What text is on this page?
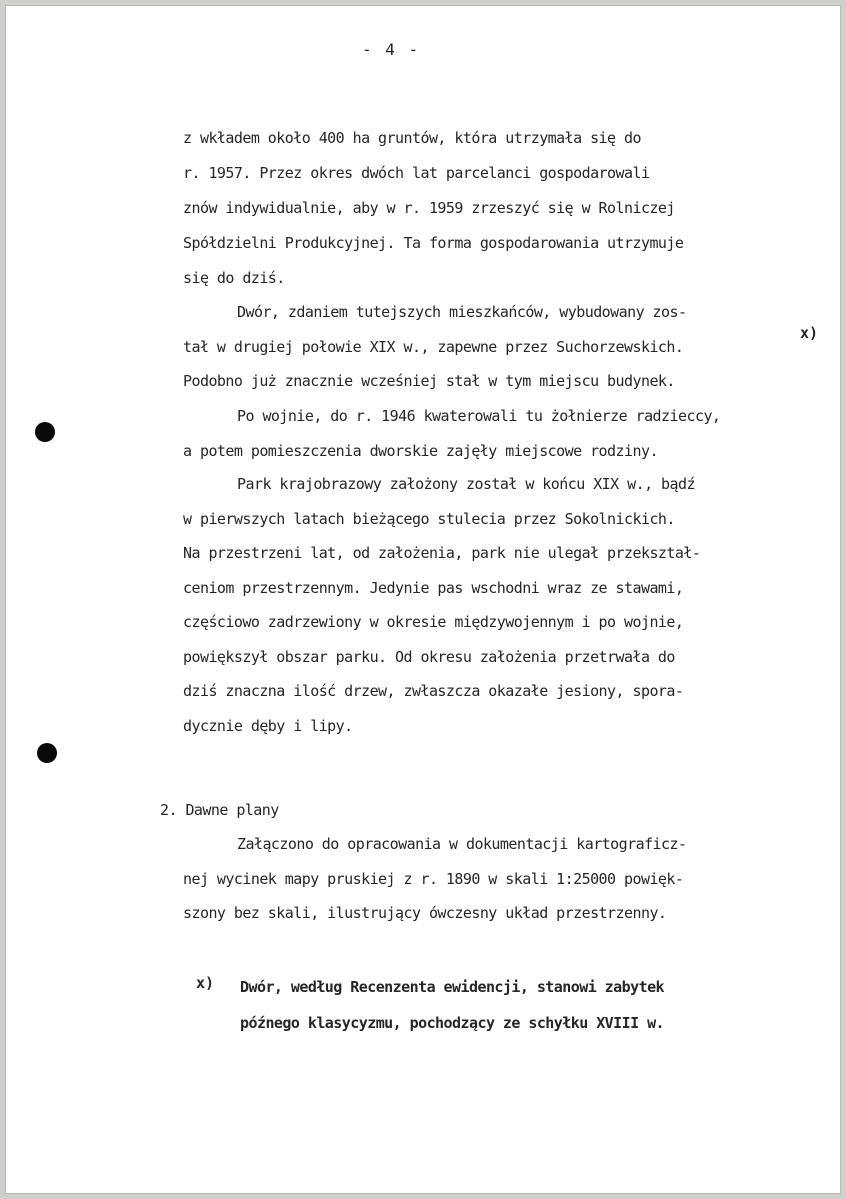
- 4 -

z wkładem około 400 ha gruntów, która utrzymała się do

r. 1957. Przez okres dwóch lat parcelanci gospodarowali

znów indywidualnie, aby w r. 1959 zrzeszyć się w Rolniczej

Spółdzielni Produkcyjnej. Ta forma gospodarowania utrzymuje

się do dziś.

Dwór, zdaniem tutejszych mieszkańców, wybudowany zos-

tał w drugiej połowie XIX w., zapewne przez Suchorzewskich.

Podobno już znacznie wcześniej stał w tym miejscu budynek.

Po wojnie, do r. 1946 kwaterowali tu żołnierze radzieccy,

a potem pomieszczenia dworskie zajęły miejscowe rodziny.

Park krajobrazowy założony został w końcu XIX w., bądź

w pierwszych latach bieżącego stulecia przez Sokolnickich.

Na przestrzeni lat, od założenia, park nie ulegał przekształ-

ceniom przestrzennym. Jedynie pas wschodni wraz ze stawami,

częściowo zadrzewiony w okresie międzywojennym i po wojnie,

powiększył obszar parku. Od okresu założenia przetrwała do

dziś znaczna ilość drzew, zwłaszcza okazałe jesiony, spora-

dycznie dęby i lipy.

2. Dawne plany

Załączono do opracowania w dokumentacji kartograficz-

nej wycinek mapy pruskiej z r. 1890 w skali 1:25000 powięk-

szony bez skali, ilustrujący ówczesny układ przestrzenny.

x)
x) Dwór, według Recenzenta ewidencji, stanowi zabytek

późnego klasycyzmu, pochodzący ze schyłku XVIII w.
